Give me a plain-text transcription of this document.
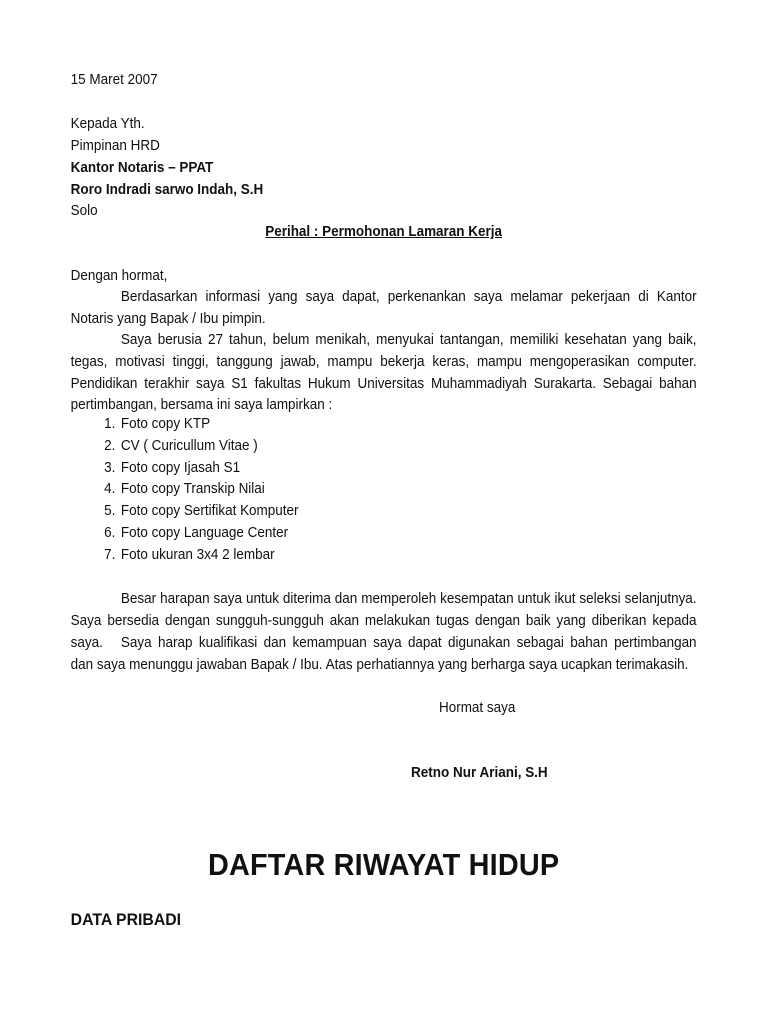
15 Maret 2007
Kepada Yth.
Pimpinan HRD
Kantor Notaris – PPAT
Roro Indradi sarwo Indah, S.H
Solo
Perihal : Permohonan Lamaran Kerja
Dengan hormat,

Berdasarkan informasi yang saya dapat, perkenankan saya melamar pekerjaan di Kantor Notaris yang Bapak / Ibu pimpin.

Saya berusia 27 tahun, belum menikah, menyukai tantangan, memiliki kesehatan yang baik, tegas, motivasi tinggi, tanggung jawab, mampu bekerja keras, mampu mengoperasikan computer. Pendidikan terakhir saya S1 fakultas Hukum Universitas Muhammadiyah Surakarta. Sebagai bahan pertimbangan, bersama ini saya lampirkan :

1. Foto copy KTP
2. CV ( Curicullum Vitae )
3. Foto copy Ijasah S1
4. Foto copy Transkip Nilai
5. Foto copy Sertifikat Komputer
6. Foto copy Language Center
7. Foto ukuran 3x4 2 lembar

Besar harapan saya untuk diterima dan memperoleh kesempatan untuk ikut seleksi selanjutnya. Saya bersedia dengan sungguh-sungguh akan melakukan tugas dengan baik yang diberikan kepada saya.	Saya harap kualifikasi dan kemampuan saya dapat digunakan sebagai bahan pertimbangan dan saya menunggu jawaban Bapak / Ibu. Atas perhatiannya yang berharga saya ucapkan terimakasih.

Hormat saya
Retno Nur Ariani, S.H
DAFTAR RIWAYAT HIDUP
DATA PRIBADI
